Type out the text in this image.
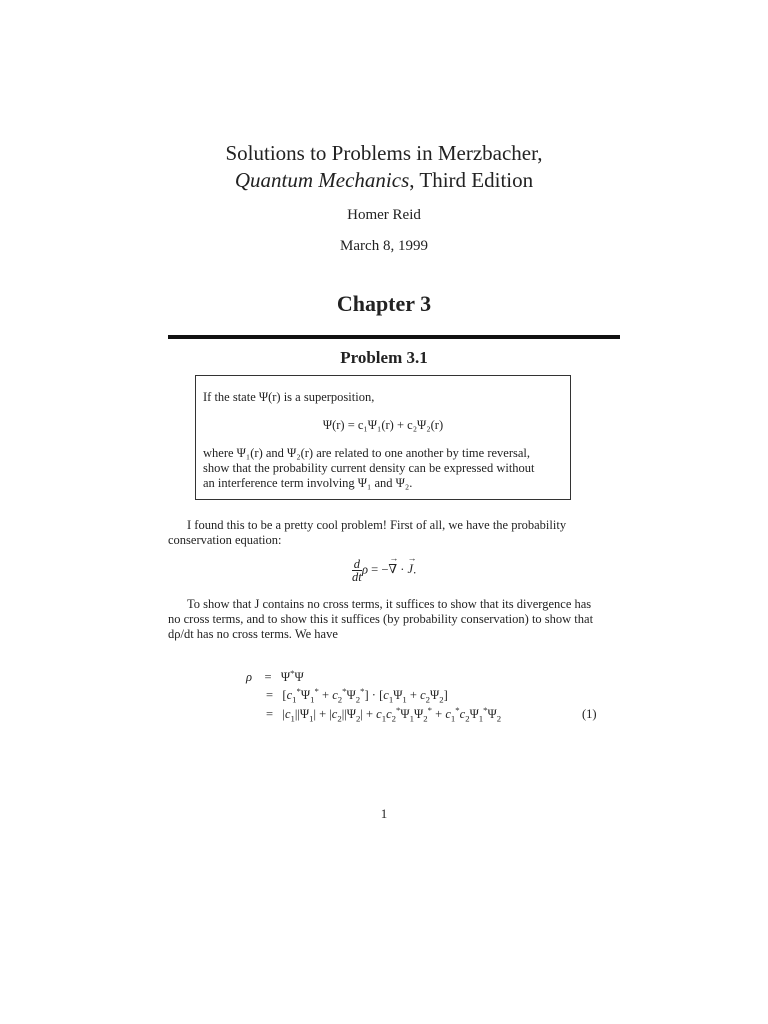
Solutions to Problems in Merzbacher,
Quantum Mechanics, Third Edition
Homer Reid
March 8, 1999
Chapter 3
Problem 3.1
If the state Ψ(r) is a superposition,
Ψ(r) = c₁Ψ₁(r) + c₂Ψ₂(r)
where Ψ₁(r) and Ψ₂(r) are related to one another by time reversal,
show that the probability current density can be expressed without
an interference term involving Ψ₁ and Ψ₂.
I found this to be a pretty cool problem! First of all, we have the probability conservation equation:
$\frac{d}{dt}$ ρ = −∇
→
· J
→
.
To show that J contains no cross terms, it suffices to show that its divergence has no cross terms, and to show this it suffices (by probability conservation) to show that dρ/dt has no cross terms. We have
ρ    =   Ψ*Ψ
=   $[c_1^*\Psi_1^* + c_2^*\Psi_2^*] \cdot [c_1\Psi_1 + c_2\Psi_2]$
=   $|c_1||\Psi_1| + |c_2||\Psi_2| + c_1c_2^*\Psi_1\Psi_2^* + c_1^*c_2\Psi_1^*\Psi_2$	(1)
1
